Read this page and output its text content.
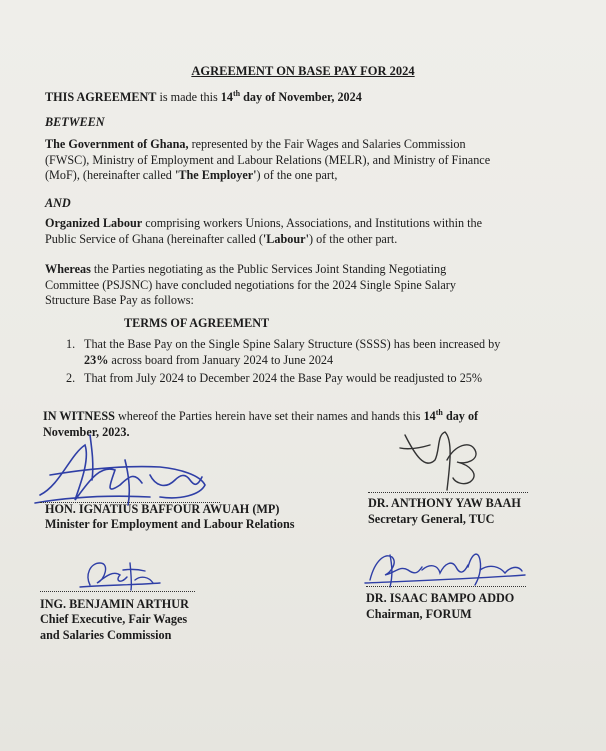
AGREEMENT ON BASE PAY FOR 2024
THIS AGREEMENT is made this 14th day of November, 2024
BETWEEN
The Government of Ghana, represented by the Fair Wages and Salaries Commission
(FWSC), Ministry of Employment and Labour Relations (MELR), and Ministry of Finance
(MoF), (hereinafter called 'The Employer') of the one part,
AND
Organized Labour comprising workers Unions, Associations, and Institutions within the
Public Service of Ghana (hereinafter called ('Labour') of the other part.
Whereas the Parties negotiating as the Public Services Joint Standing Negotiating
Committee (PSJSNC) have concluded negotiations for the 2024 Single Spine Salary
Structure Base Pay as follows:
TERMS OF AGREEMENT
1. That the Base Pay on the Single Spine Salary Structure (SSSS) has been increased by
23% across board from January 2024 to June 2024
2. That from July 2024 to December 2024 the Base Pay would be readjusted to 25%
IN WITNESS whereof the Parties herein have set their names and hands this 14th day of
November, 2023.
HON. IGNATIUS BAFFOUR AWUAH (MP)
Minister for Employment and Labour Relations
DR. ANTHONY YAW BAAH
Secretary General, TUC
ING. BENJAMIN ARTHUR
Chief Executive, Fair Wages
and Salaries Commission
DR. ISAAC BAMPO ADDO
Chairman, FORUM
